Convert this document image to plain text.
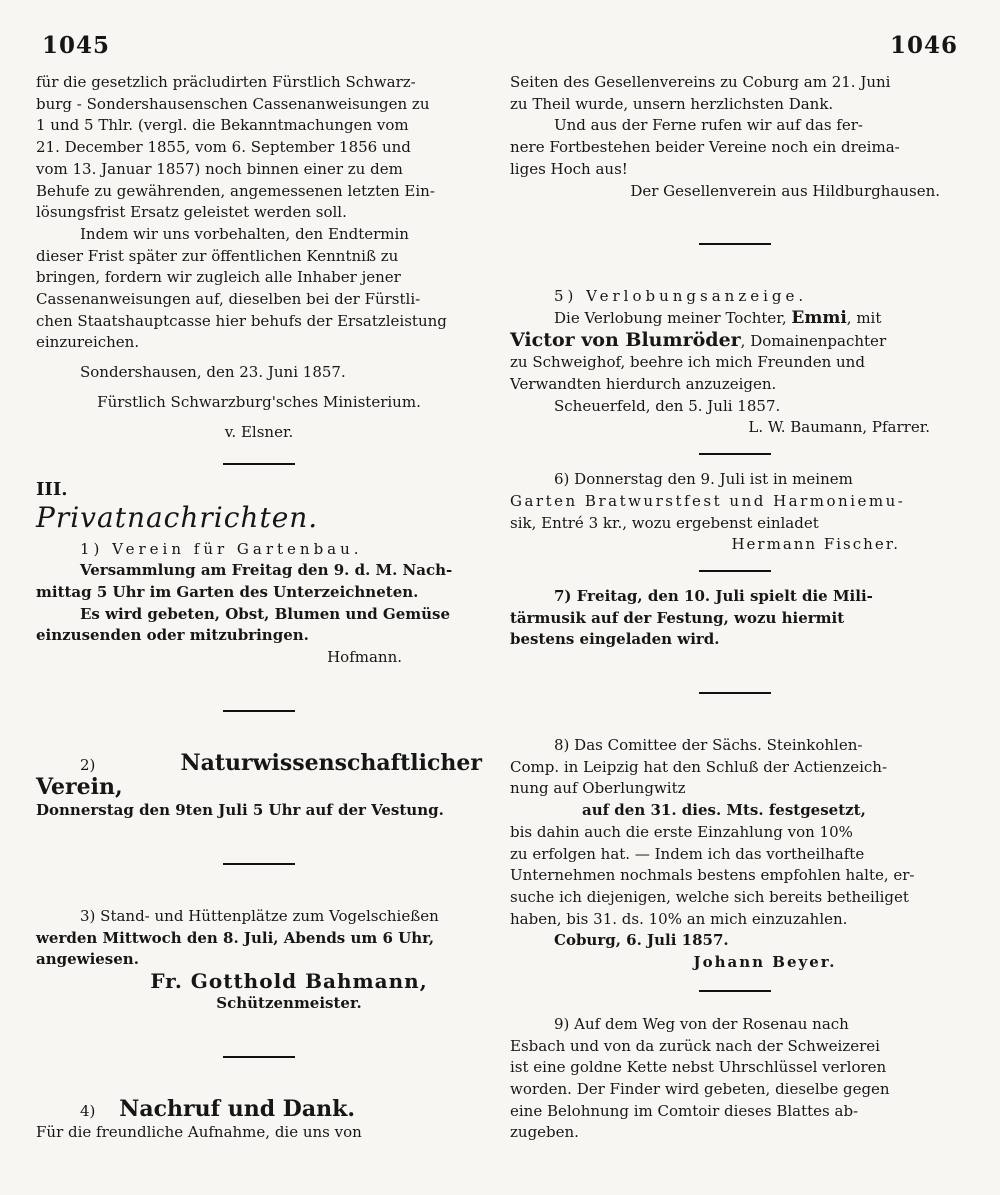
1045	1046

für die gesetzlich präcludirten Fürstlich Schwarz-

burg - Sondershausenschen Cassenanweisungen zu

1 und 5 Thlr. (vergl. die Bekanntmachungen vom

21. December 1855, vom 6. September 1856 und

vom 13. Januar 1857) noch binnen einer zu dem

Behufe zu gewährenden, angemessenen letzten Ein-

lösungsfrist Ersatz geleistet werden soll.

Indem wir uns vorbehalten, den Endtermin

dieser Frist später zur öffentlichen Kenntniß zu

bringen, fordern wir zugleich alle Inhaber jener

Cassenanweisungen auf, dieselben bei der Fürstli-

chen Staatshauptcasse hier behufs der Ersatzleistung

einzureichen.

Sondershausen, den 23. Juni 1857.

Fürstlich Schwarzburg'sches Ministerium.

v. Elsner.

III.

Privatnachrichten.

1) Verein für Gartenbau.

Versammlung am Freitag den 9. d. M. Nach-

mittag 5 Uhr im Garten des Unterzeichneten.

Es wird gebeten, Obst, Blumen und Gemüse

einzusenden oder mitzubringen.

Hofmann.

2)	Naturwissenschaftlicher Verein,

Donnerstag den 9ten Juli 5 Uhr auf der Vestung.

3) Stand- und Hüttenplätze zum Vogelschießen

werden Mittwoch den 8. Juli, Abends um 6 Uhr,

angewiesen.

Fr. Gotthold Bahmann,

Schützenmeister.

4) Nachruf und Dank.

Für die freundliche Aufnahme, die uns von

Seiten des Gesellenvereins zu Coburg am 21. Juni

zu Theil wurde, unsern herzlichsten Dank.

Und aus der Ferne rufen wir auf das fer-

nere Fortbestehen beider Vereine noch ein dreima-

liges Hoch aus!

Der Gesellenverein aus Hildburghausen.

5) Verlobungsanzeige.

Die Verlobung meiner Tochter, Emmi, mit

Victor von Blumröder, Domainenpachter

zu Schweighof, beehre ich mich Freunden und

Verwandten hierdurch anzuzeigen.

Scheuerfeld, den 5. Juli 1857.

L. W. Baumann, Pfarrer.

6) Donnerstag den 9. Juli ist in meinem

Garten Bratwurstfest und Harmoniemu-

sik, Entré 3 kr., wozu ergebenst einladet

Hermann Fischer.

7) Freitag, den 10. Juli spielt die Mili-

tärmusik auf der Festung, wozu hiermit

bestens eingeladen wird.

8) Das Comittee der Sächs. Steinkohlen-

Comp. in Leipzig hat den Schluß der Actienzeich-

nung auf Oberlungwitz

auf den 31. dies. Mts. festgesetzt,

bis dahin auch die erste Einzahlung von 10%

zu erfolgen hat. — Indem ich das vortheilhafte

Unternehmen nochmals bestens empfohlen halte, er-

suche ich diejenigen, welche sich bereits betheiliget

haben, bis 31. ds. 10% an mich einzuzahlen.

Coburg, 6. Juli 1857.

Johann Beyer.

9) Auf dem Weg von der Rosenau nach

Esbach und von da zurück nach der Schweizerei

ist eine goldne Kette nebst Uhrschlüssel verloren

worden. Der Finder wird gebeten, dieselbe gegen

eine Belohnung im Comtoir dieses Blattes ab-

zugeben.
